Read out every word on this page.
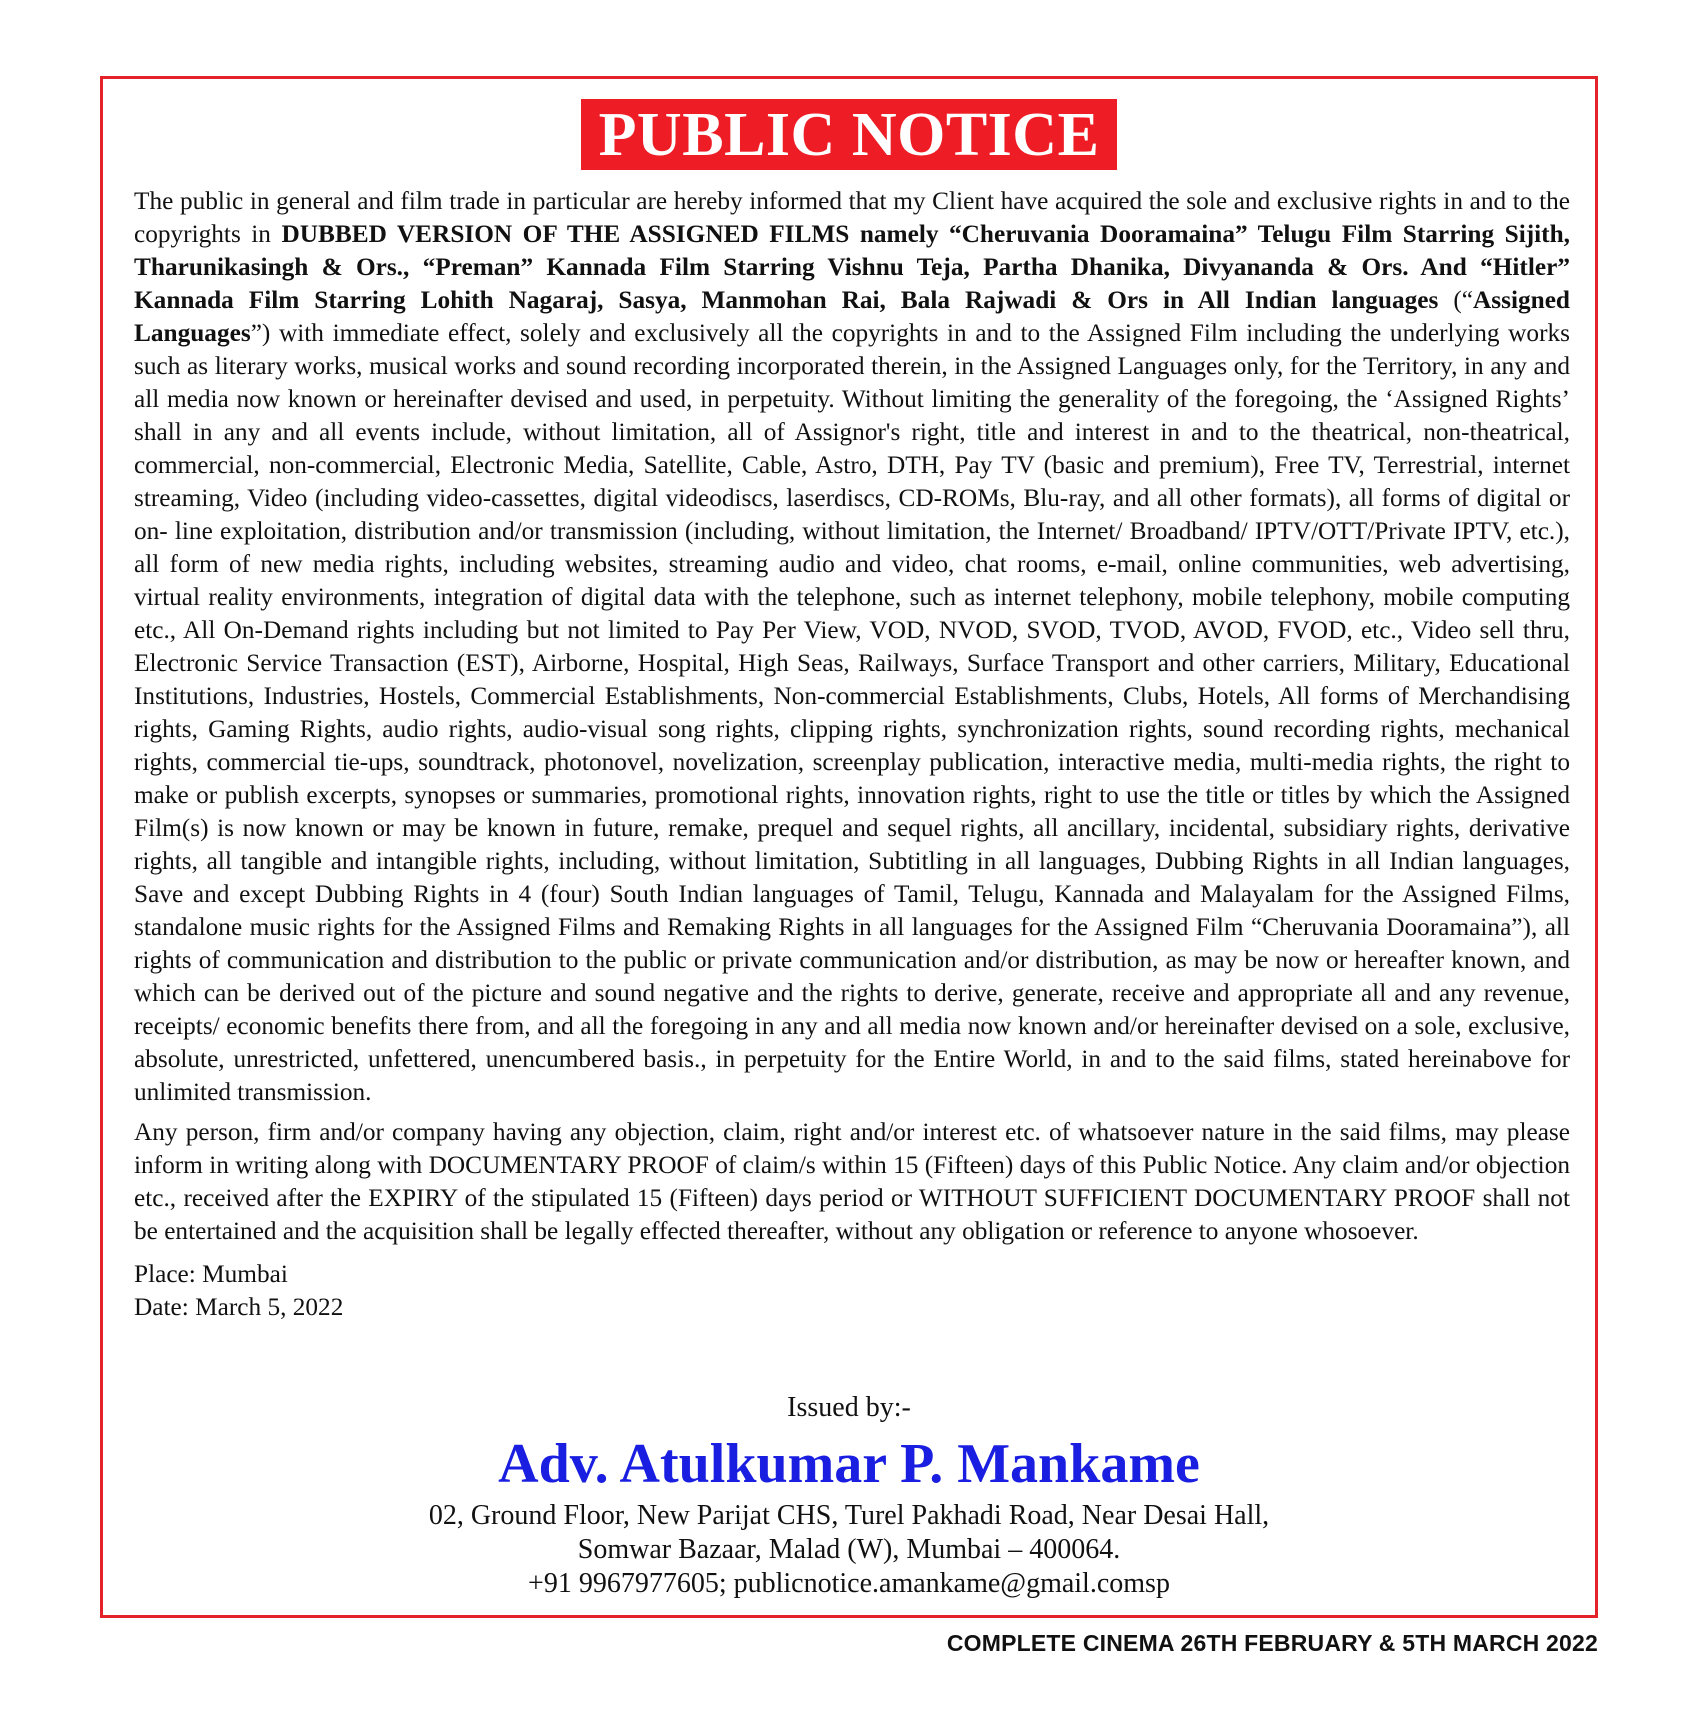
PUBLIC NOTICE

The public in general and film trade in particular are hereby informed that my Client have acquired the sole and exclusive rights in and to the copyrights in DUBBED VERSION OF THE ASSIGNED FILMS namely “Cheruvania Dooramaina” Telugu Film Starring Sijith, Tharunikasingh & Ors., “Preman” Kannada Film Starring Vishnu Teja, Partha Dhanika, Divyananda & Ors. And “Hitler” Kannada Film Starring Lohith Nagaraj, Sasya, Manmohan Rai, Bala Rajwadi & Ors in All Indian languages (“Assigned Languages”) with immediate effect, solely and exclusively all the copyrights in and to the Assigned Film including the underlying works such as literary works, musical works and sound recording incorporated therein, in the Assigned Languages only, for the Territory, in any and all media now known or hereinafter devised and used, in perpetuity. Without limiting the generality of the foregoing, the ‘Assigned Rights’ shall in any and all events include, without limitation, all of Assignor's right, title and interest in and to the theatrical, non-theatrical, commercial, non-commercial, Electronic Media, Satellite, Cable, Astro, DTH, Pay TV (basic and premium), Free TV, Terrestrial, internet streaming, Video (including video-cassettes, digital videodiscs, laserdiscs, CD-ROMs, Blu-ray, and all other formats), all forms of digital or on- line exploitation, distribution and/or transmission (including, without limitation, the Internet/ Broadband/ IPTV/OTT/Private IPTV, etc.), all form of new media rights, including websites, streaming audio and video, chat rooms, e-mail, online communities, web advertising, virtual reality environments, integration of digital data with the telephone, such as internet telephony, mobile telephony, mobile computing etc., All On-Demand rights including but not limited to Pay Per View, VOD, NVOD, SVOD, TVOD, AVOD, FVOD, etc., Video sell thru, Electronic Service Transaction (EST), Airborne, Hospital, High Seas, Railways, Surface Transport and other carriers, Military, Educational Institutions, Industries, Hostels, Commercial Establishments, Non-commercial Establishments, Clubs, Hotels, All forms of Merchandising rights, Gaming Rights, audio rights, audio-visual song rights, clipping rights, synchronization rights, sound recording rights, mechanical rights, commercial tie-ups, soundtrack, photonovel, novelization, screenplay publication, interactive media, multi-media rights, the right to make or publish excerpts, synopses or summaries, promotional rights, innovation rights, right to use the title or titles by which the Assigned Film(s) is now known or may be known in future, remake, prequel and sequel rights, all ancillary, incidental, subsidiary rights, derivative rights, all tangible and intangible rights, including, without limitation, Subtitling in all languages, Dubbing Rights in all Indian languages, Save and except Dubbing Rights in 4 (four) South Indian languages of Tamil, Telugu, Kannada and Malayalam for the Assigned Films, standalone music rights for the Assigned Films and Remaking Rights in all languages for the Assigned Film “Cheruvania Dooramaina”), all rights of communication and distribution to the public or private communication and/or distribution, as may be now or hereafter known, and which can be derived out of the picture and sound negative and the rights to derive, generate, receive and appropriate all and any revenue, receipts/ economic benefits there from, and all the foregoing in any and all media now known and/or hereinafter devised on a sole, exclusive, absolute, unrestricted, unfettered, unencumbered basis., in perpetuity for the Entire World, in and to the said films, stated hereinabove for unlimited transmission.

Any person, firm and/or company having any objection, claim, right and/or interest etc. of whatsoever nature in the said films, may please inform in writing along with DOCUMENTARY PROOF of claim/s within 15 (Fifteen) days of this Public Notice. Any claim and/or objection etc., received after the EXPIRY of the stipulated 15 (Fifteen) days period or WITHOUT SUFFICIENT DOCUMENTARY PROOF shall not be entertained and the acquisition shall be legally effected thereafter, without any obligation or reference to anyone whosoever.

Place: Mumbai
Date: March 5, 2022
Issued by:-
Adv. Atulkumar P. Mankame
02, Ground Floor, New Parijat CHS, Turel Pakhadi Road, Near Desai Hall,
Somwar Bazaar, Malad (W), Mumbai – 400064.
+91 9967977605; publicnotice.amankame@gmail.comsp
COMPLETE CINEMA 26TH FEBRUARY & 5TH MARCH 2022
